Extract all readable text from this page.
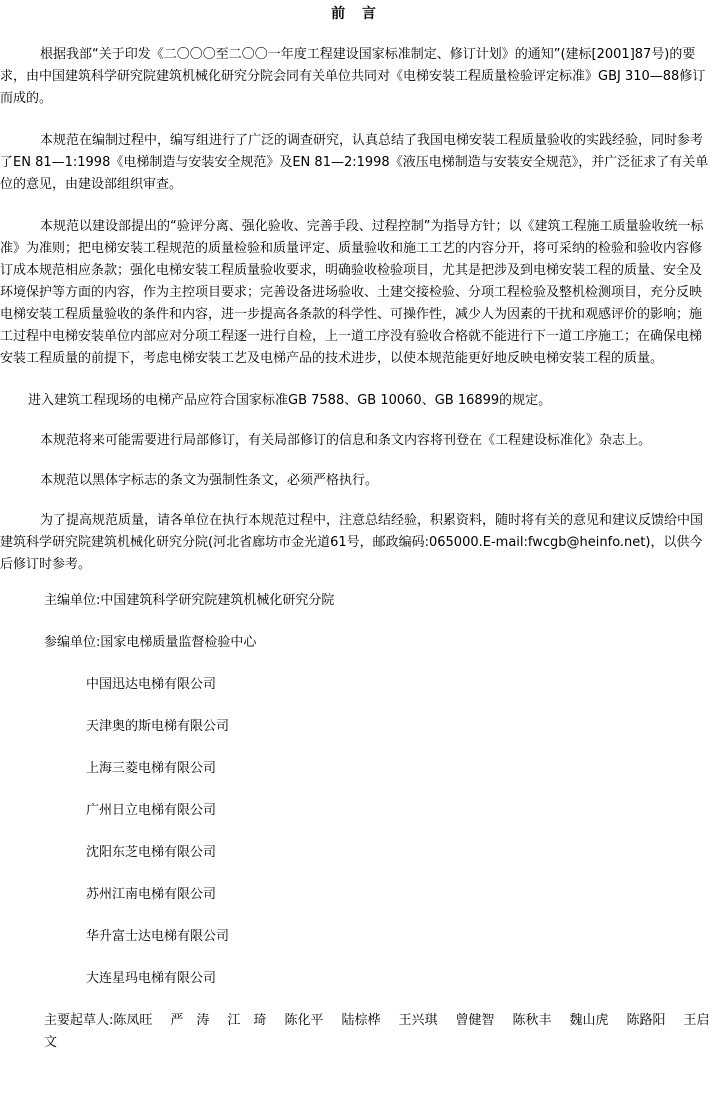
前 言

根据我部“关于印发《二〇〇〇至二〇〇一年度工程建设国家标准制定、修订计划》的通知”(建标[2001]87号)的要求，由中国建筑科学研究院建筑机械化研究分院会同有关单位共同对《电梯安装工程质量检验评定标准》GBJ 310—88修订而成的。

本规范在编制过程中，编写组进行了广泛的调查研究，认真总结了我国电梯安装工程质量验收的实践经验，同时参考了EN 81—1:1998《电梯制造与安装安全规范》及EN 81—2:1998《液压电梯制造与安装安全规范》，并广泛征求了有关单位的意见，由建设部组织审查。

本规范以建设部提出的“验评分离、强化验收、完善手段、过程控制”为指导方针；以《建筑工程施工质量验收统一标准》为准则；把电梯安装工程规范的质量检验和质量评定、质量验收和施工工艺的内容分开，将可采纳的检验和验收内容修订成本规范相应条款；强化电梯安装工程质量验收要求，明确验收检验项目，尤其是把涉及到电梯安装工程的质量、安全及环境保护等方面的内容，作为主控项目要求；完善设备进场验收、土建交接检验、分项工程检验及整机检测项目，充分反映电梯安装工程质量验收的条件和内容，进一步提高各条款的科学性、可操作性，减少人为因素的干扰和观感评价的影响；施工过程中电梯安装单位内部应对分项工程逐一进行自检，上一道工序没有验收合格就不能进行下一道工序施工；在确保电梯安装工程质量的前提下，考虑电梯安装工艺及电梯产品的技术进步，以使本规范能更好地反映电梯安装工程的质量。

进入建筑工程现场的电梯产品应符合国家标准GB 7588、GB 10060、GB 16899的规定。

本规范将来可能需要进行局部修订，有关局部修订的信息和条文内容将刊登在《工程建设标准化》杂志上。

本规范以黑体字标志的条文为强制性条文，必须严格执行。

为了提高规范质量，请各单位在执行本规范过程中，注意总结经验，积累资料，随时将有关的意见和建议反馈给中国建筑科学研究院建筑机械化研究分院(河北省廊坊市金光道61号，邮政编码:065000.E-mail:fwcgb@heinfo.net)，以供今后修订时参考。

主编单位:中国建筑科学研究院建筑机械化研究分院
参编单位:国家电梯质量监督检验中心
中国迅达电梯有限公司
天津奥的斯电梯有限公司
上海三菱电梯有限公司
广州日立电梯有限公司
沈阳东芝电梯有限公司
苏州江南电梯有限公司
华升富士达电梯有限公司
大连星玛电梯有限公司

主要起草人:陈凤旺 严　涛 江　琦 陈化平 陆棕桦 王兴琪 曾健智 陈秋丰 魏山虎 陈路阳 王启文
